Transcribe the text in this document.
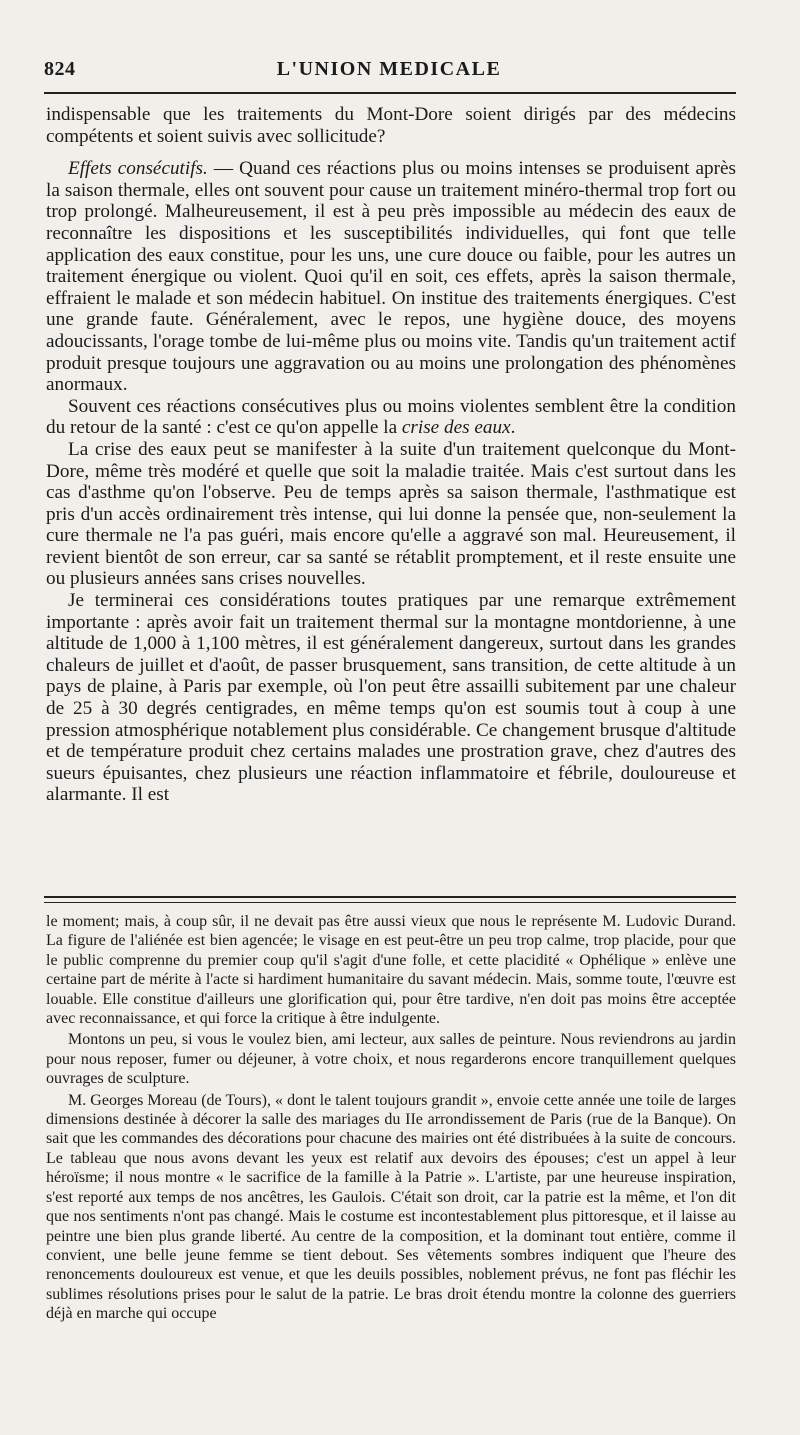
824	L'UNION MEDICALE

indispensable que les traitements du Mont-Dore soient dirigés par des médecins compétents et soient suivis avec sollicitude?

Effets consécutifs. — Quand ces réactions plus ou moins intenses se produisent après la saison thermale, elles ont souvent pour cause un traitement minéro-thermal trop fort ou trop prolongé. Malheureusement, il est à peu près impossible au médecin des eaux de reconnaître les dispositions et les susceptibilités individuelles, qui font que telle application des eaux constitue, pour les uns, une cure douce ou faible, pour les autres un traitement énergique ou violent. Quoi qu'il en soit, ces effets, après la saison thermale, effraient le malade et son médecin habituel. On institue des traitements énergiques. C'est une grande faute. Généralement, avec le repos, une hygiène douce, des moyens adoucissants, l'orage tombe de lui-même plus ou moins vite. Tandis qu'un traitement actif produit presque toujours une aggravation ou au moins une prolongation des phénomènes anormaux.

Souvent ces réactions consécutives plus ou moins violentes semblent être la condition du retour de la santé : c'est ce qu'on appelle la crise des eaux.

La crise des eaux peut se manifester à la suite d'un traitement quelconque du Mont-Dore, même très modéré et quelle que soit la maladie traitée. Mais c'est surtout dans les cas d'asthme qu'on l'observe. Peu de temps après sa saison thermale, l'asthmatique est pris d'un accès ordinairement très intense, qui lui donne la pensée que, non-seulement la cure thermale ne l'a pas guéri, mais encore qu'elle a aggravé son mal. Heureusement, il revient bientôt de son erreur, car sa santé se rétablit promptement, et il reste ensuite une ou plusieurs années sans crises nouvelles.

Je terminerai ces considérations toutes pratiques par une remarque extrêmement importante : après avoir fait un traitement thermal sur la montagne montdorienne, à une altitude de 1,000 à 1,100 mètres, il est généralement dangereux, surtout dans les grandes chaleurs de juillet et d'août, de passer brusquement, sans transition, de cette altitude à un pays de plaine, à Paris par exemple, où l'on peut être assailli subitement par une chaleur de 25 à 30 degrés centigrades, en même temps qu'on est soumis tout à coup à une pression atmosphérique notablement plus considérable. Ce changement brusque d'altitude et de température produit chez certains malades une prostration grave, chez d'autres des sueurs épuisantes, chez plusieurs une réaction inflammatoire et fébrile, douloureuse et alarmante. Il est

le moment; mais, à coup sûr, il ne devait pas être aussi vieux que nous le représente M. Ludovic Durand. La figure de l'aliénée est bien agencée; le visage en est peut-être un peu trop calme, trop placide, pour que le public comprenne du premier coup qu'il s'agit d'une folle, et cette placidité « Ophélique » enlève une certaine part de mérite à l'acte si hardiment humanitaire du savant médecin. Mais, somme toute, l'œuvre est louable. Elle constitue d'ailleurs une glorification qui, pour être tardive, n'en doit pas moins être acceptée avec reconnaissance, et qui force la critique à être indulgente.

Montons un peu, si vous le voulez bien, ami lecteur, aux salles de peinture. Nous reviendrons au jardin pour nous reposer, fumer ou déjeuner, à votre choix, et nous regarderons encore tranquillement quelques ouvrages de sculpture.

M. Georges Moreau (de Tours), « dont le talent toujours grandit », envoie cette année une toile de larges dimensions destinée à décorer la salle des mariages du IIe arrondissement de Paris (rue de la Banque). On sait que les commandes des décorations pour chacune des mairies ont été distribuées à la suite de concours. Le tableau que nous avons devant les yeux est relatif aux devoirs des épouses; c'est un appel à leur héroïsme; il nous montre « le sacrifice de la famille à la Patrie ». L'artiste, par une heureuse inspiration, s'est reporté aux temps de nos ancêtres, les Gaulois. C'était son droit, car la patrie est la même, et l'on dit que nos sentiments n'ont pas changé. Mais le costume est incontestablement plus pittoresque, et il laisse au peintre une bien plus grande liberté. Au centre de la composition, et la dominant tout entière, comme il convient, une belle jeune femme se tient debout. Ses vêtements sombres indiquent que l'heure des renoncements douloureux est venue, et que les deuils possibles, noblement prévus, ne font pas fléchir les sublimes résolutions prises pour le salut de la patrie. Le bras droit étendu montre la colonne des guerriers déjà en marche qui occupe
